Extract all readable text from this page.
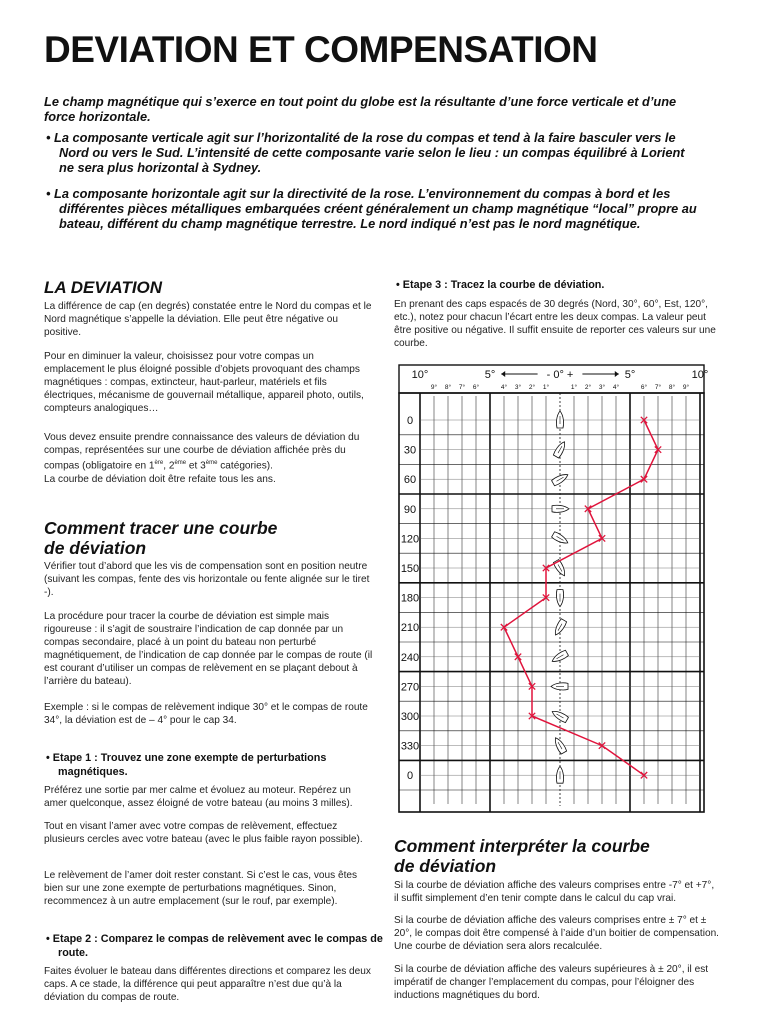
DEVIATION ET COMPENSATION

Le champ magnétique qui s’exerce en tout point du globe est la résultante d’une force verticale et d’une force horizontale.

• La composante verticale agit sur l’horizontalité de la rose du compas et tend à la faire basculer vers le Nord ou vers le Sud. L’intensité de cette composante varie selon le lieu : un compas équilibré à Lorient ne sera plus horizontal à Sydney.

• La composante horizontale agit sur la directivité de la rose. L’environnement du compas à bord et les différentes pièces métalliques embarquées créent généralement un champ magnétique “local” propre au bateau, différent du champ magnétique terrestre. Le nord indiqué n’est pas le nord magnétique.

LA DEVIATION

La différence de cap (en degrés) constatée entre le Nord du compas et le Nord magnétique s’appelle la déviation. Elle peut être négative ou positive.

Pour en diminuer la valeur, choisissez pour votre compas un emplacement le plus éloigné possible d’objets provoquant des champs magnétiques : compas, extincteur, haut-parleur, matériels et fils électriques, mécanisme de gouvernail métallique, appareil photo, outils, compteurs analogiques…

Vous devez ensuite prendre connaissance des valeurs de déviation du compas, représentées sur une courbe de déviation affichée près du compas (obligatoire en 1ère, 2ème et 3ème catégories).
La courbe de déviation doit être refaite tous les ans.

Comment tracer une courbe
de déviation

Vérifier tout d’abord que les vis de compensation sont en position neutre (suivant les compas, fente des vis horizontale ou fente alignée sur le tiret -).

La procédure pour tracer la courbe de déviation est simple mais rigoureuse : il s’agit de soustraire l’indication de cap donnée par un compas secondaire, placé à un point du bateau non perturbé magnétiquement, de l’indication de cap donnée par le compas de route (il est courant d’utiliser un compas de relèvement en se plaçant debout à l’arrière du bateau).

Exemple : si le compas de relèvement indique 30° et le compas de route 34°, la déviation est de – 4° pour le cap 34.

• Etape 1 : Trouvez une zone exempte de perturbations magnétiques.

Préférez une sortie par mer calme et évoluez au moteur. Repérez un amer quelconque, assez éloigné de votre bateau (au moins 3 milles).

Tout en visant l’amer avec votre compas de relèvement, effectuez plusieurs cercles avec votre bateau (avec le plus faible rayon possible).

Le relèvement de l’amer doit rester constant. Si c’est le cas, vous êtes bien sur une zone exempte de perturbations magnétiques. Sinon, recommencez à un autre emplacement (sur le rouf, par exemple).

• Etape 2 : Comparez le compas de relèvement avec le compas de route.

Faites évoluer le bateau dans différentes directions et comparez les deux caps. A ce stade, la différence qui peut apparaître n’est due qu’à la déviation du compas de route.

• Etape 3 : Tracez la courbe de déviation.

En prenant des caps espacés de 30 degrés (Nord, 30°, 60°, Est, 120°, etc.), notez pour chacun l’écart entre les deux compas. La valeur peut être positive ou négative. Il suffit ensuite de reporter ces valeurs sur une courbe.

10°	5°	- 0° +	5°	10°
9° 8° 7° 6°	4° 3° 2° 1°	1° 2° 3° 4°	6° 7° 8° 9°
0
30
60
90
120
150
180
210
240
270
300
330
0
Comment interpréter la courbe
de déviation

Si la courbe de déviation affiche des valeurs comprises entre -7° et +7°, il suffit simplement d’en tenir compte dans le calcul du cap vrai.

Si la courbe de déviation affiche des valeurs comprises entre ± 7° et ± 20°, le compas doit être compensé à l’aide d’un boitier de compensation. Une courbe de déviation sera alors recalculée.

Si la courbe de déviation affiche des valeurs supérieures à ± 20°, il est impératif de changer l’emplacement du compas, pour l’éloigner des inductions magnétiques du bord.
